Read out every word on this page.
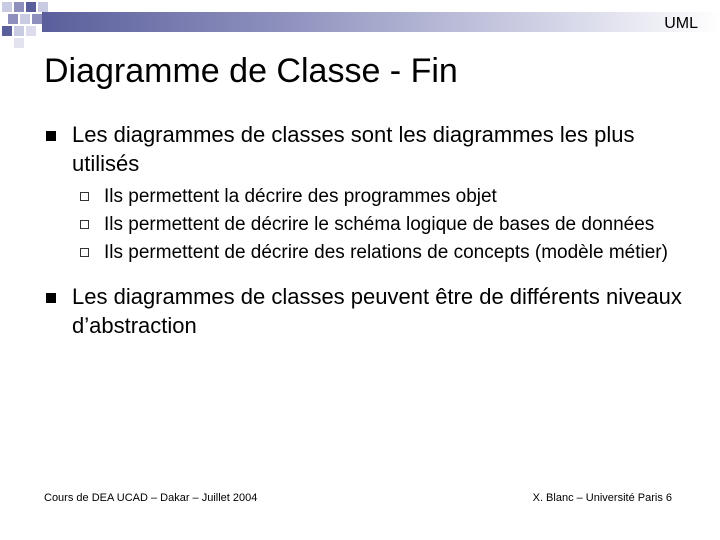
UML
Diagramme de Classe - Fin
Les diagrammes de classes sont les diagrammes les plus utilisés
Ils permettent la décrire des programmes objet
Ils permettent de décrire le schéma logique de bases de données
Ils permettent de décrire des relations de concepts (modèle métier)
Les diagrammes de classes peuvent être de différents niveaux d’abstraction
Cours de DEA UCAD – Dakar – Juillet 2004	X. Blanc – Université Paris 6
